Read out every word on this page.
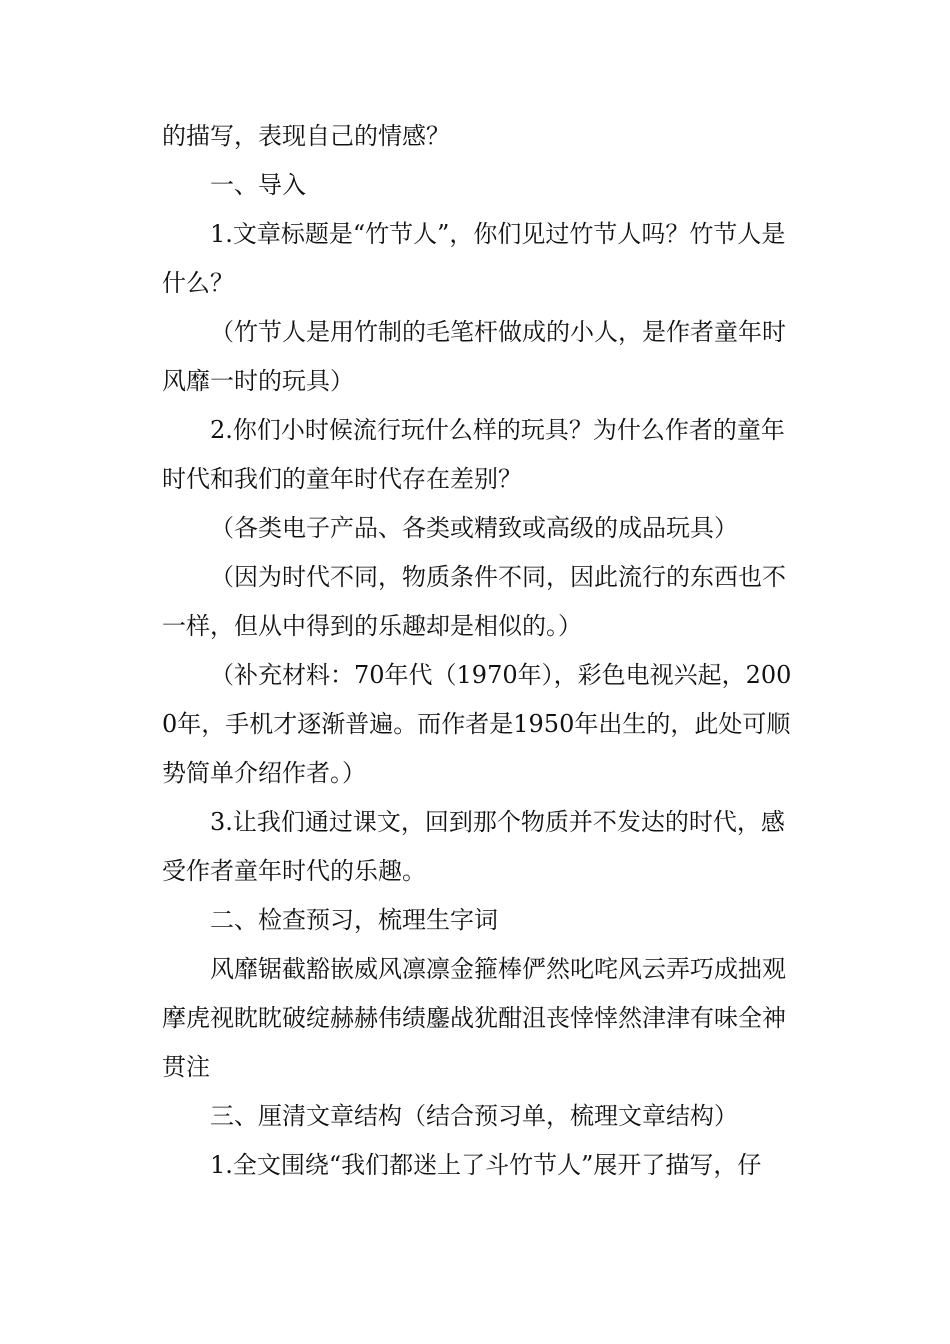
的描写，表现自己的情感？

一、导入

1.文章标题是“竹节人”，你们见过竹节人吗？竹节人是什么？

（竹节人是用竹制的毛笔杆做成的小人，是作者童年时风靡一时的玩具）

2.你们小时候流行玩什么样的玩具？为什么作者的童年时代和我们的童年时代存在差别？

（各类电子产品、各类或精致或高级的成品玩具）

（因为时代不同，物质条件不同，因此流行的东西也不一样，但从中得到的乐趣却是相似的。）

（补充材料：70年代（1970年），彩色电视兴起，2000年，手机才逐渐普遍。而作者是1950年出生的，此处可顺势简单介绍作者。）

3.让我们通过课文，回到那个物质并不发达的时代，感受作者童年时代的乐趣。

二、检查预习，梳理生字词

风靡锯截豁嵌威风凛凛金箍棒俨然叱咤风云弄巧成拙观摩虎视眈眈破绽赫赫伟绩鏖战犹酣沮丧悻悻然津津有味全神贯注

三、厘清文章结构（结合预习单，梳理文章结构）

1.全文围绕“我们都迷上了斗竹节人”展开了描写，仔
